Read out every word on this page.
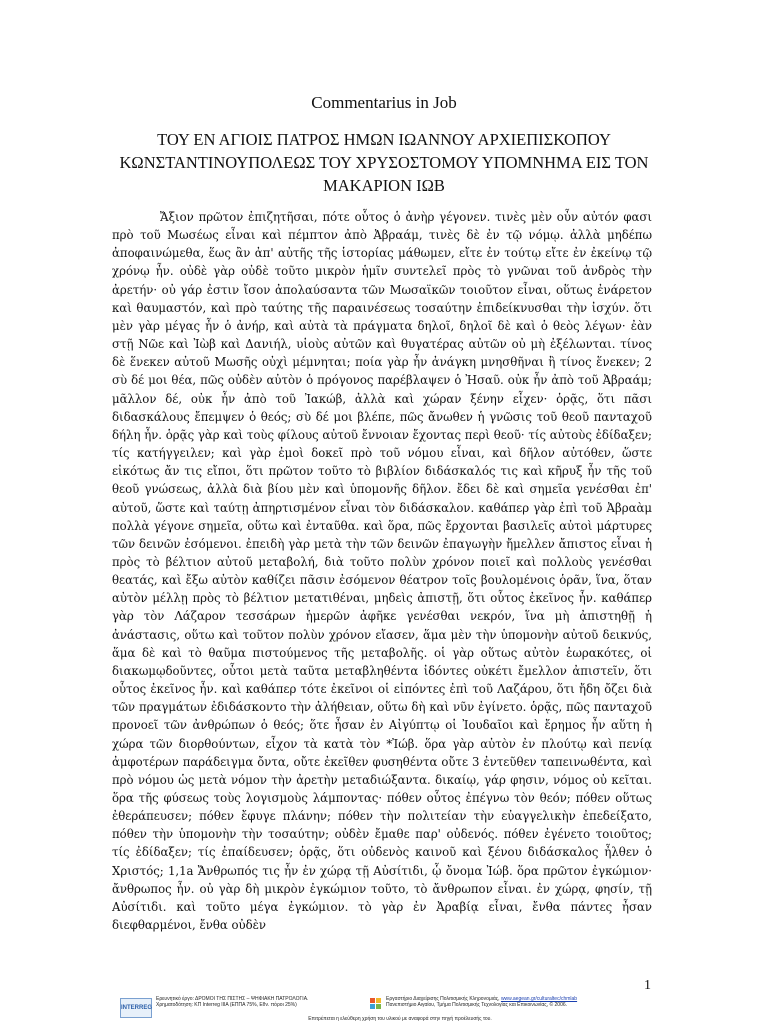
Commentarius in Job
ΤΟΥ ΕΝ ΑΓΙΟΙΣ ΠΑΤΡΟΣ ΗΜΩΝ ΙΩΑΝΝΟΥ ΑΡΧΙΕΠΙΣΚΟΠΟΥ ΚΩΝΣΤΑΝΤΙΝΟΥΠΟΛΕΩΣ ΤΟΥ ΧΡΥΣΟΣΤΟΜΟΥ ΥΠΟΜΝΗΜΑ ΕΙΣ ΤΟΝ ΜΑΚΑΡΙΟΝ ΙΩΒ

Ἄξιον πρῶτον ἐπιζητῆσαι, πότε οὗτος ὁ ἀνὴρ γέγονεν. τινὲς μὲν οὖν αὐτόν φασι πρὸ τοῦ Μωσέως εἶναι καὶ πέμπτον ἀπὸ Ἀβραάμ, τινὲς δὲ ἐν τῷ νόμῳ. ἀλλὰ μηδέπω ἀποφαινώμεθα, ἕως ἂν ἀπ' αὐτῆς τῆς ἱστορίας μάθωμεν, εἴτε ἐν τούτῳ εἴτε ἐν ἐκείνῳ τῷ χρόνῳ ἦν. οὐδὲ γὰρ οὐδὲ τοῦτο μικρὸν ἡμῖν συντελεῖ πρὸς τὸ γνῶναι τοῦ ἀνδρὸς τὴν ἀρετήν· οὐ γάρ ἐστιν ἴσον ἀπολαύσαντα τῶν Μωσαϊκῶν τοιοῦτον εἶναι, οὕτως ἐνάρετον καὶ θαυμαστόν, καὶ πρὸ ταύτης τῆς παραινέσεως τοσαύτην ἐπιδείκνυσθαι τὴν ἰσχύν. ὅτι μὲν γὰρ μέγας ἦν ὁ ἀνήρ, καὶ αὐτὰ τὰ πράγματα δηλοῖ, δηλοῖ δὲ καὶ ὁ θεὸς λέγων· ἐὰν στῇ Νῶε καὶ Ἰὼβ καὶ Δανιήλ, υἱοὺς αὐτῶν καὶ θυγατέρας αὐτῶν οὐ μὴ ἐξέλωνται. τίνος δὲ ἕνεκεν αὐτοῦ Μωσῆς οὐχὶ μέμνηται; ποία γὰρ ἦν ἀνάγκη μνησθῆναι ἢ τίνος ἕνεκεν; 2 σὺ δέ μοι θέα, πῶς οὐδὲν αὐτὸν ὁ πρόγονος παρέβλαψεν ὁ Ἠσαῦ. οὐκ ἦν ἀπὸ τοῦ Ἀβραάμ; μᾶλλον δέ, οὐκ ἦν ἀπὸ τοῦ Ἰακώβ, ἀλλὰ καὶ χώραν ξένην εἶχεν· ὁρᾷς, ὅτι πᾶσι διδασκάλους ἔπεμψεν ὁ θεός; σὺ δέ μοι βλέπε, πῶς ἄνωθεν ἡ γνῶσις τοῦ θεοῦ πανταχοῦ δήλη ἦν. ὁρᾷς γὰρ καὶ τοὺς φίλους αὐτοῦ ἔννοιαν ἔχοντας περὶ θεοῦ· τίς αὐτοὺς ἐδίδαξεν; τίς κατήγγειλεν; καὶ γὰρ ἐμοὶ δοκεῖ πρὸ τοῦ νόμου εἶναι, καὶ δῆλον αὐτόθεν, ὥστε εἰκότως ἄν τις εἴποι, ὅτι πρῶτον τοῦτο τὸ βιβλίον διδάσκαλός τις καὶ κῆρυξ ἦν τῆς τοῦ θεοῦ γνώσεως, ἀλλὰ διὰ βίου μὲν καὶ ὑπομονῆς δῆλον. ἔδει δὲ καὶ σημεῖα γενέσθαι ἐπ' αὐτοῦ, ὥστε καὶ ταύτῃ ἀπηρτισμένον εἶναι τὸν διδάσκαλον. καθάπερ γὰρ ἐπὶ τοῦ Ἀβραὰμ πολλὰ γέγονε σημεῖα, οὕτω καὶ ἐνταῦθα. καὶ ὅρα, πῶς ἔρχονται βασιλεῖς αὐτοὶ μάρτυρες τῶν δεινῶν ἐσόμενοι. ἐπειδὴ γὰρ μετὰ τὴν τῶν δεινῶν ἐπαγωγὴν ἤμελλεν ἄπιστος εἶναι ἡ πρὸς τὸ βέλτιον αὐτοῦ μεταβολή, διὰ τοῦτο πολὺν χρόνον ποιεῖ καὶ πολλοὺς γενέσθαι θεατάς, καὶ ἔξω αὐτὸν καθίζει πᾶσιν ἐσόμενον θέατρον τοῖς βουλομένοις ὁρᾶν, ἵνα, ὅταν αὐτὸν μέλλῃ πρὸς τὸ βέλτιον μετατιθέναι, μηδεὶς ἀπιστῇ, ὅτι οὗτος ἐκεῖνος ἦν. καθάπερ γὰρ τὸν Λάζαρον τεσσάρων ἡμερῶν ἀφῆκε γενέσθαι νεκρόν, ἵνα μὴ ἀπιστηθῇ ἡ ἀνάστασις, οὕτω καὶ τοῦτον πολὺν χρόνον εἴασεν, ἅμα μὲν τὴν ὑπομονὴν αὐτοῦ δεικνύς, ἅμα δὲ καὶ τὸ θαῦμα πιστούμενος τῆς μεταβολῆς. οἱ γὰρ οὕτως αὐτὸν ἑωρακότες, οἱ διακωμῳδοῦντες, οὗτοι μετὰ ταῦτα μεταβληθέντα ἰδόντες οὐκέτι ἔμελλον ἀπιστεῖν, ὅτι οὗτος ἐκεῖνος ἦν. καὶ καθάπερ τότε ἐκεῖνοι οἱ εἰπόντες ἐπὶ τοῦ Λαζάρου, ὅτι ἤδη ὄζει διὰ τῶν πραγμάτων ἐδιδάσκοντο τὴν ἀλήθειαν, οὕτω δὴ καὶ νῦν ἐγίνετο. ὁρᾷς, πῶς πανταχοῦ προνοεῖ τῶν ἀνθρώπων ὁ θεός; ὅτε ἦσαν ἐν Αἰγύπτῳ οἱ Ἰουδαῖοι καὶ ἔρημος ἦν αὕτη ἡ χώρα τῶν διορθούντων, εἶχον τὰ κατὰ τὸν *Ἰώβ. ὅρα γὰρ αὐτὸν ἐν πλούτῳ καὶ πενίᾳ ἀμφοτέρων παράδειγμα ὄντα, οὔτε ἐκεῖθεν φυσηθέντα οὔτε 3 ἐντεῦθεν ταπεινωθέντα, καὶ πρὸ νόμου ὡς μετὰ νόμον τὴν ἀρετὴν μεταδιώξαντα. δικαίῳ, γάρ φησιν, νόμος οὐ κεῖται. ὅρα τῆς φύσεως τοὺς λογισμοὺς λάμποντας· πόθεν οὗτος ἐπέγνω τὸν θεόν; πόθεν οὕτως ἐθεράπευσεν; πόθεν ἔφυγε πλάνην; πόθεν τὴν πολιτείαν τὴν εὐαγγελικὴν ἐπεδείξατο, πόθεν τὴν ὑπομονὴν τὴν τοσαύτην; οὐδὲν ἔμαθε παρ' οὐδενός. πόθεν ἐγένετο τοιοῦτος; τίς ἐδίδαξεν; τίς ἐπαίδευσεν; ὁρᾷς, ὅτι οὐδενὸς καινοῦ καὶ ξένου διδάσκαλος ἦλθεν ὁ Χριστός; 1,1a Ἄνθρωπός τις ἦν ἐν χώρᾳ τῇ Αὐσίτιδι, ᾧ ὄνομα Ἰώβ. ὅρα πρῶτον ἐγκώμιον· ἄνθρωπος ἦν. οὐ γὰρ δὴ μικρὸν ἐγκώμιον τοῦτο, τὸ ἄνθρωπον εἶναι. ἐν χώρᾳ, φησίν, τῇ Αὐσίτιδι. καὶ τοῦτο μέγα ἐγκώμιον. τὸ γὰρ ἐν Ἀραβίᾳ εἶναι, ἔνθα πάντες ἦσαν διεφθαρμένοι, ἔνθα οὐδὲν

1
INTERREG
Ερευνητικό έργο: ΔΡΟΜΟΙ ΤΗΣ ΠΙΣΤΗΣ – ΨΗΦΙΑΚΗ ΠΑΤΡΟΛΟΓΙΑ.
Χρηματοδότηση: ΚΠ Interreg IIIA (ΕΠΠΑ 75%, Εθν. πόροι 25%)
Εργαστήριο Διαχείρισης Πολιτισμικής Κληρονομιάς, www.aegean.gr/culturaltec/chmlab
Πανεπιστήμιο Αιγαίου, Τμήμα Πολιτισμικής Τεχνολογίας και Επικοινωνίας, © 2006.
Επιτρέπεται η ελεύθερη χρήση του υλικού με αναφορά στην πηγή προέλευσής του.
